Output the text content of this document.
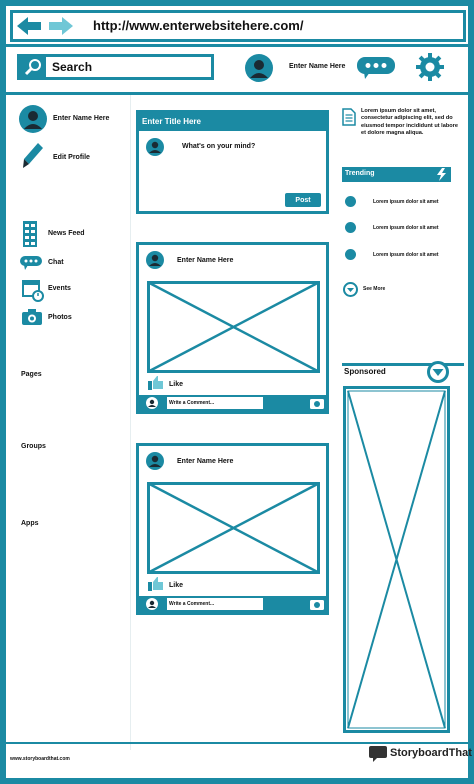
http://www.enterwebsitehere.com/
Search	Enter Name Here
Enter Name Here
Edit Profile
News Feed
Chat
Events
Photos
Pages
Groups
Apps
Enter Title Here
What's on your mind?
Post
Enter Name Here
Like
Write a Comment...
Enter Name Here
Like
Write a Comment...
Lorem ipsum dolor sit amet, consectetur adipiscing elit, sed do eiusmod tempor incididunt ut labore et dolore magna aliqua.
Trending
Lorem ipsum dolor sit amet
Lorem ipsum dolor sit amet
Lorem ipsum dolor sit amet
See More
Sponsored
www.storyboardthat.com	StoryboardThat
